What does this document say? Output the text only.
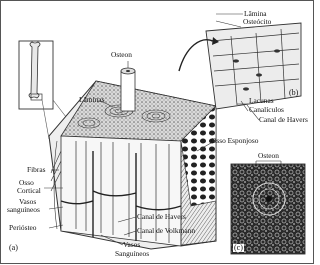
Lâmina
Osteócito
(b)
Lacunas
Canalículos
Canal de Havers
Osteon
Lâminas
Osso Esponjoso
Fibras
Osso
Cortical
Vasos
sanguíneos
Periósteo
(a)
Canal de Havers
Canal de Volkmann
Vasos
Sanguíneos
Osteon
(c)
